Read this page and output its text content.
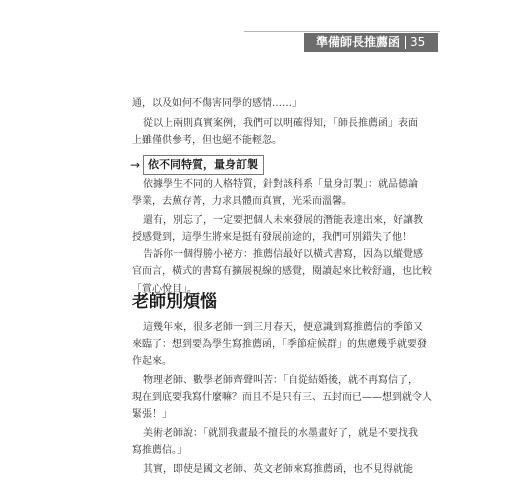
準備師長推薦函 35
通，以及如何不傷害同學的感情……」
從以上兩則真實案例，我們可以明確得知，「師長推薦函」表面
上雖僅供參考，但也絕不能輕忽。
→ 依不同特質，量身訂製
依據學生不同的人格特質，針對該科系「量身訂製」：就品德論
學業，去蕪存菁，力求具體而真實，光采而溫馨。
還有，別忘了，一定要把個人未來發展的潛能表達出來，好讓教
授感覺到，這學生將來是挺有發展前途的，我們可別錯失了他！
告訴你一個得勝小祕方：推薦信最好以橫式書寫，因為以縱覺感
官而言，橫式的書寫有擴展視線的感覺，閱讀起來比較舒適，也比較
「賞心悅目」。
老師別煩惱
這幾年來，很多老師一到三月春天，便意識到寫推薦信的季節又
來臨了：想到要為學生寫推薦函，「季節症候群」的焦慮幾乎就要發
作起來。
物理老師、數學老師齊聲叫苦：「自從結婚後，就不再寫信了，
現在到底要我寫什麼嘛？而且不是只有三、五封而已——想到就令人
緊張！」
美術老師說：「就罰我畫最不擅長的水墨畫好了，就是不要找我
寫推薦信。」
其實，即使是國文老師、英文老師來寫推薦函，也不見得就能
